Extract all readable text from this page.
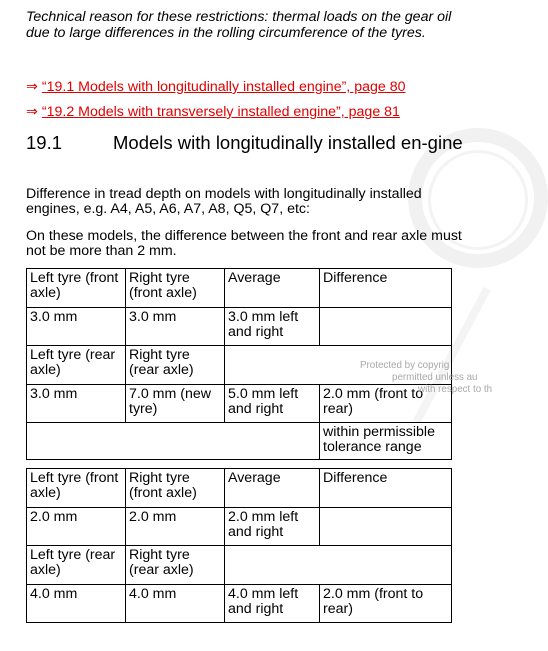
Technical reason for these restrictions: thermal loads on the gear oil due to large differences in the rolling circumference of the tyres.
⇒ “19.1 Models with longitudinally installed engine”, page 80
⇒ “19.2 Models with transversely installed engine”, page 81
19.1	Models with longitudinally installed en-gine
Difference in tread depth on models with longitudinally installed engines, e.g. A4, A5, A6, A7, A8, Q5, Q7, etc:
On these models, the difference between the front and rear axle must not be more than 2 mm.
Left tyre (front axle)	Right tyre (front axle)	Average	Difference
3.0 mm	3.0 mm	3.0 mm left and right	
Left tyre (rear axle)	Right tyre (rear axle)		
3.0 mm	7.0 mm (new tyre)	5.0 mm left and right	2.0 mm (front to rear)
			within permissible tolerance range
Left tyre (front axle)	Right tyre (front axle)	Average	Difference
2.0 mm	2.0 mm	2.0 mm left and right	
Left tyre (rear axle)	Right tyre (rear axle)		
4.0 mm	4.0 mm	4.0 mm left and right	2.0 mm (front to rear)
Protected by copyrig
permitted unless au
with respect to th
